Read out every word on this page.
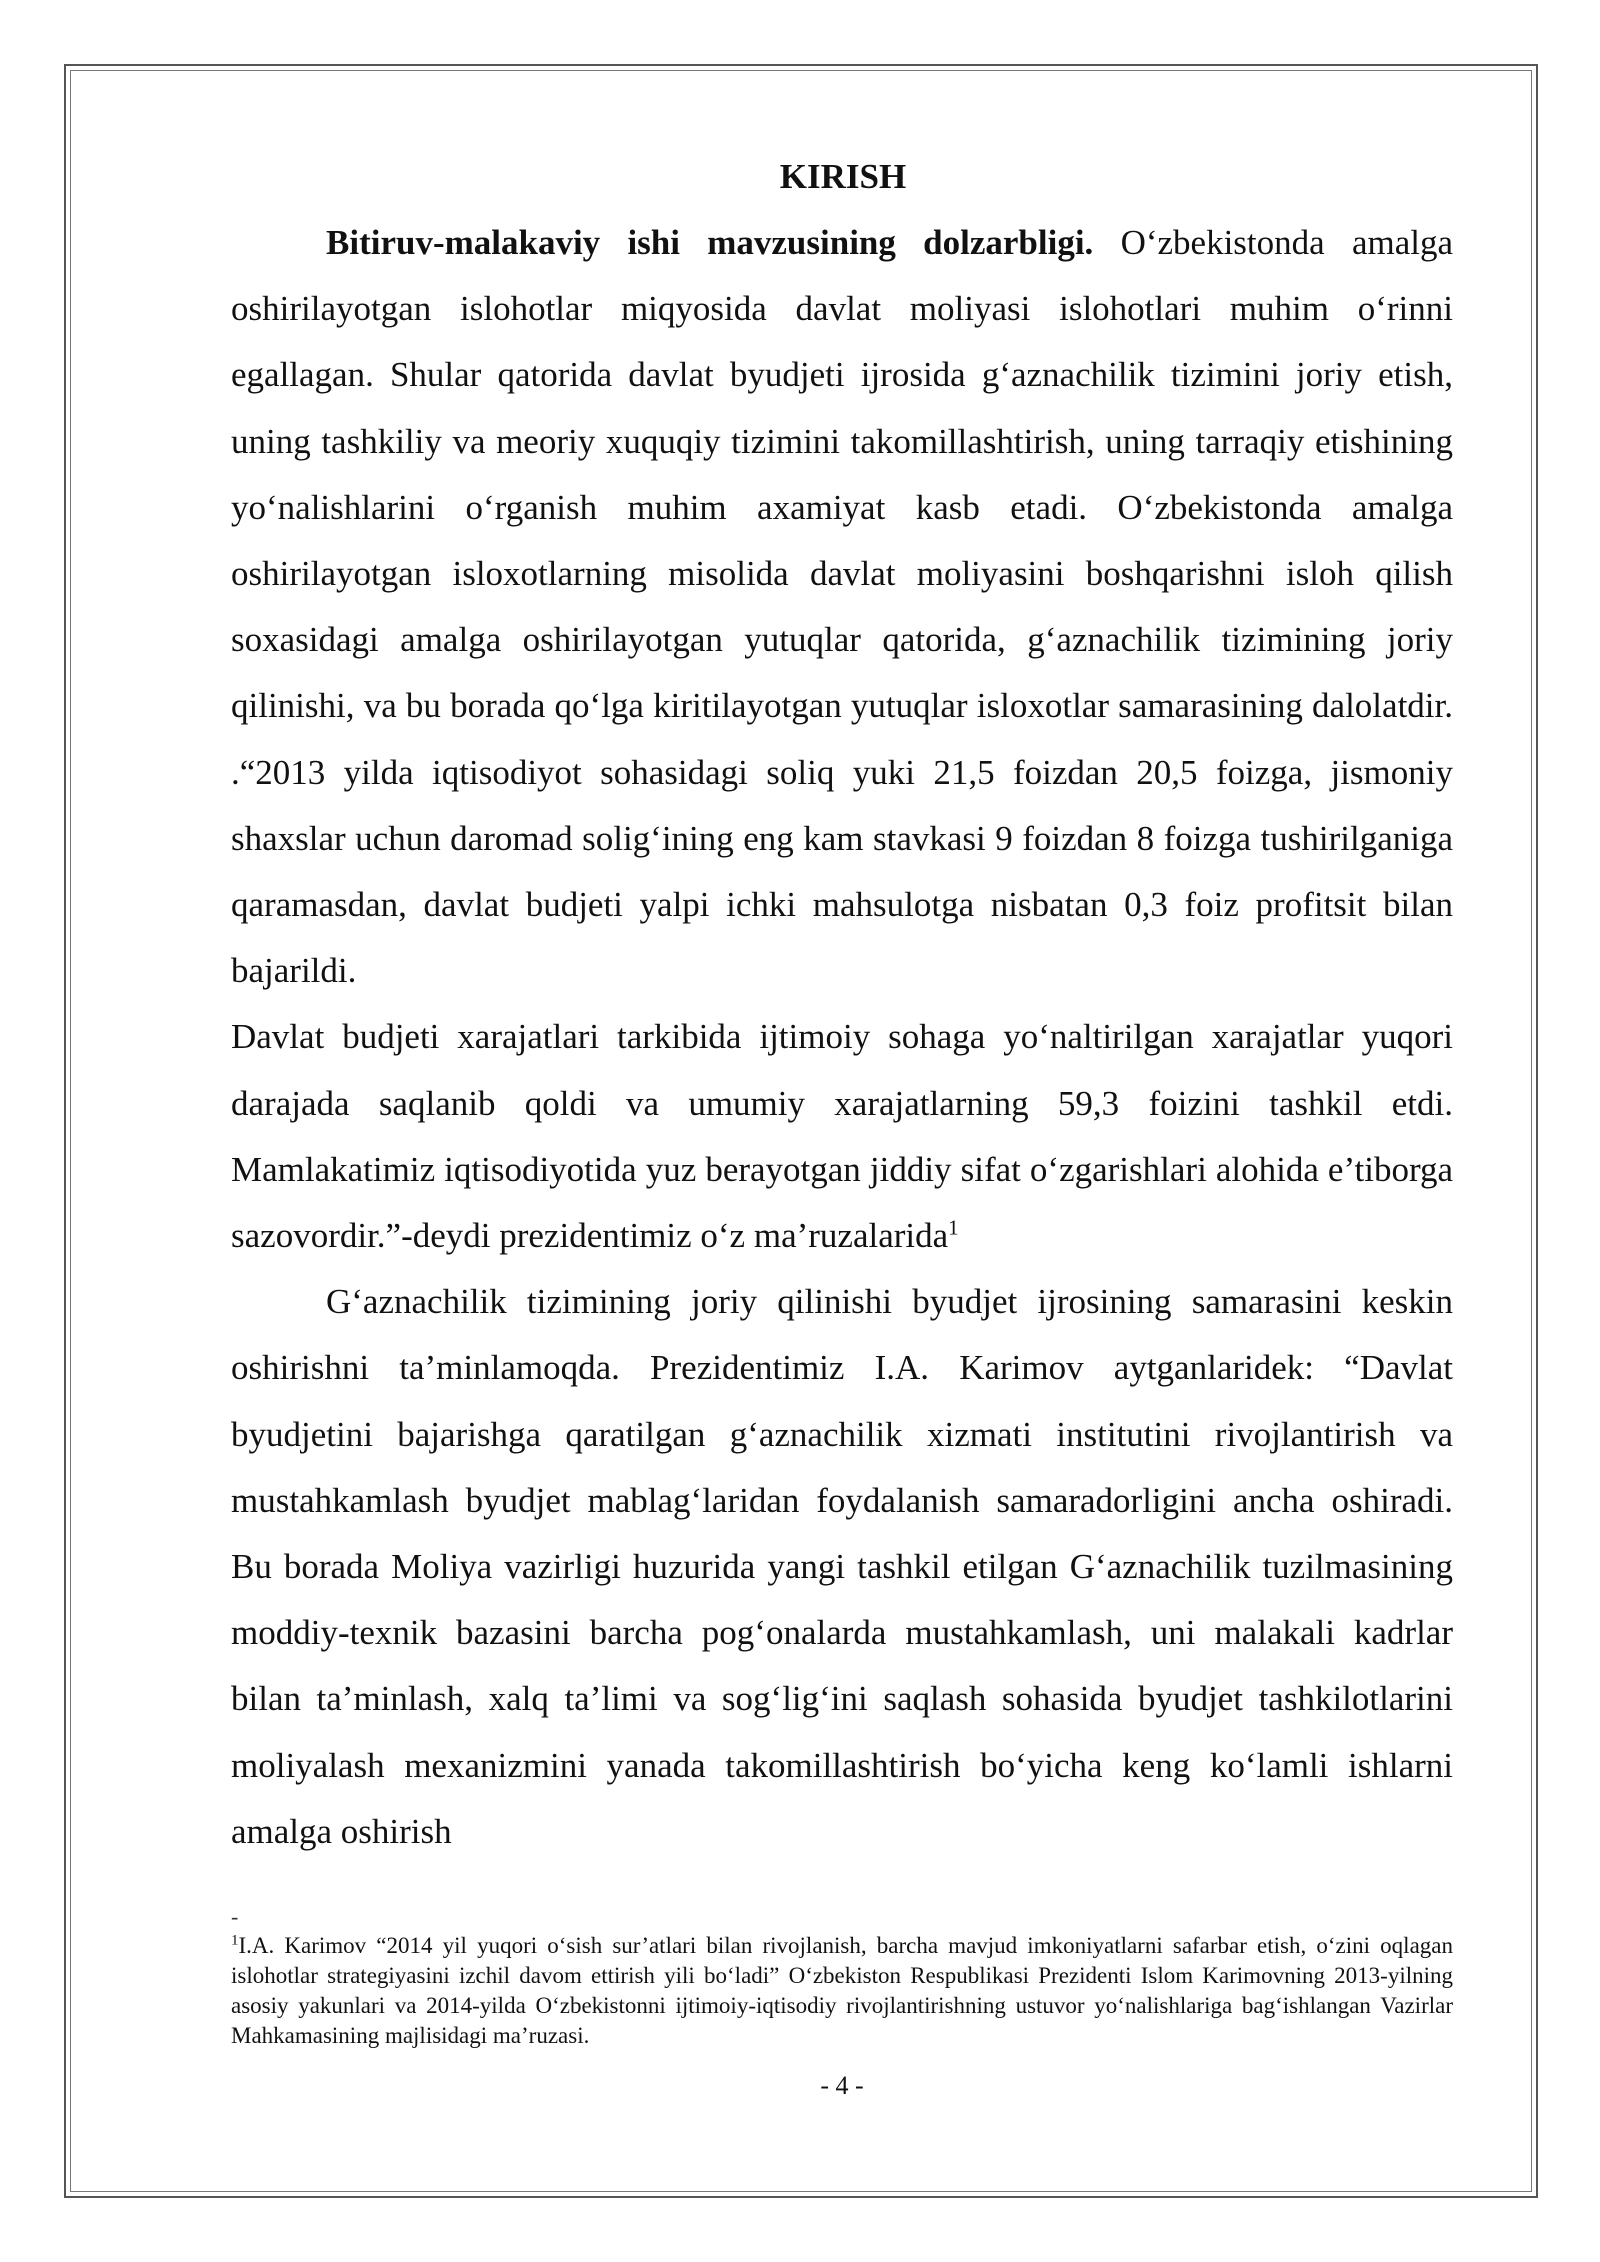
KIRISH

Bitiruv-malakaviy ishi mavzusining dolzarbligi. O‘zbekistonda amalga oshirilayotgan islohotlar miqyosida davlat moliyasi islohotlari muhim o‘rinni egallagan. Shular qatorida davlat byudjeti ijrosida g‘aznachilik tizimini joriy etish, uning tashkiliy va meoriy xuquqiy tizimini takomillashtirish, uning tarraqiy etishining yo‘nalishlarini o‘rganish muhim axamiyat kasb etadi. O‘zbekistonda amalga oshirilayotgan isloxotlarning misolida davlat moliyasini boshqarishni isloh qilish soxasidagi amalga oshirilayotgan yutuqlar qatorida, g‘aznachilik tizimining joriy qilinishi, va bu borada qo‘lga kiritilayotgan yutuqlar isloxotlar samarasining dalolatdir. .“2013 yilda iqtisodiyot sohasidagi soliq yuki 21,5 foizdan 20,5 foizga, jismoniy shaxslar uchun daromad solig‘ining eng kam stavkasi 9 foizdan 8 foizga tushirilganiga qaramasdan, davlat budjeti yalpi ichki mahsulotga nisbatan 0,3 foiz profitsit bilan bajarildi.

Davlat budjeti xarajatlari tarkibida ijtimoiy sohaga yo‘naltirilgan xarajatlar yuqori darajada saqlanib qoldi va umumiy xarajatlarning 59,3 foizini tashkil etdi. Mamlakatimiz iqtisodiyotida yuz berayotgan jiddiy sifat o‘zgarishlari alohida e’tiborga sazovordir.”-deydi prezidentimiz o‘z ma’ruzalarida$^1$

G‘aznachilik tizimining joriy qilinishi byudjet ijrosining samarasini keskin oshirishni ta’minlamoqda. Prezidentimiz I.A. Karimov aytganlaridek: “Davlat byudjetini bajarishga qaratilgan g‘aznachilik xizmati institutini rivojlantirish va mustahkamlash byudjet mablag‘laridan foydalanish samaradorligini ancha oshiradi. Bu borada Moliya vazirligi huzurida yangi tashkil etilgan G‘aznachilik tuzilmasining moddiy-texnik bazasini barcha pog‘onalarda mustahkamlash, uni malakali kadrlar bilan ta’minlash, xalq ta’limi va sog‘lig‘ini saqlash sohasida byudjet tashkilotlarini moliyalash mexanizmini yanada takomillashtirish bo‘yicha keng ko‘lamli ishlarni amalga oshirish

-

$^1$I.A. Karimov “2014 yil yuqori o‘sish sur’atlari bilan rivojlanish, barcha mavjud imkoniyatlarni safarbar etish, o‘zini oqlagan islohotlar strategiyasini izchil davom ettirish yili bo‘ladi” O‘zbekiston Respublikasi Prezidenti Islom Karimovning 2013-yilning asosiy yakunlari va 2014-yilda O‘zbekistonni ijtimoiy-iqtisodiy rivojlantirishning ustuvor yo‘nalishlariga bag‘ishlangan Vazirlar Mahkamasining majlisidagi ma’ruzasi.

- 4 -
